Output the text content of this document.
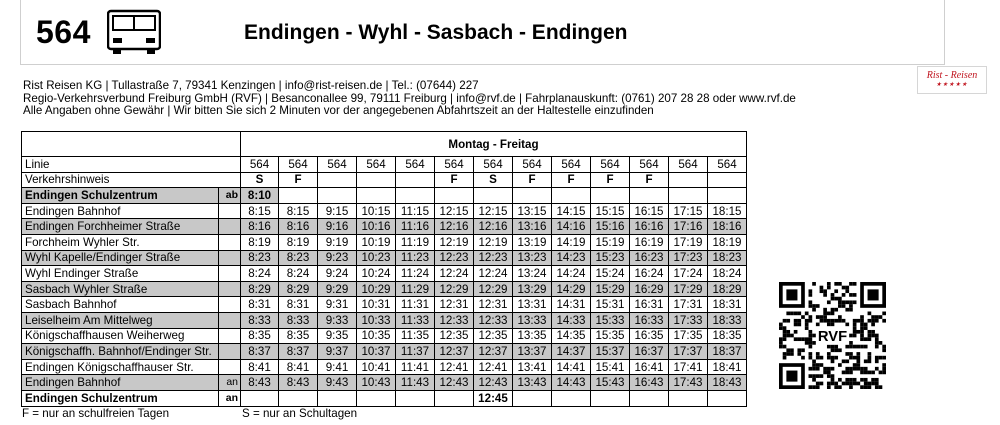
564	Endingen - Wyhl - Sasbach - Endingen
Rist - Reisen
★★★★★
Rist Reisen KG | Tullastraße 7, 79341 Kenzingen | info@rist-reisen.de | Tel.: (07644) 227
Regio-Verkehrsverbund Freiburg GmbH (RVF) | Besanconallee 99, 79111 Freiburg | info@rvf.de | Fahrplanauskunft: (0761) 207 28 28 oder www.rvf.de
Alle Angaben ohne Gewähr | Wir bitten Sie sich 2 Minuten vor der angegebenen Abfahrtszeit an der Haltestelle einzufinden
		Montag - Freitag												
Linie		564	564	564	564	564	564	564	564	564	564	564	564	564
Verkehrshinweis		S	F				F	S	F	F	F	F		
Endingen Schulzentrum	ab	8:10												
Endingen Bahnhof		8:15	8:15	9:15	10:15	11:15	12:15	12:15	13:15	14:15	15:15	16:15	17:15	18:15
Endingen Forchheimer Straße		8:16	8:16	9:16	10:16	11:16	12:16	12:16	13:16	14:16	15:16	16:16	17:16	18:16
Forchheim Wyhler Str.		8:19	8:19	9:19	10:19	11:19	12:19	12:19	13:19	14:19	15:19	16:19	17:19	18:19
Wyhl Kapelle/Endinger Straße		8:23	8:23	9:23	10:23	11:23	12:23	12:23	13:23	14:23	15:23	16:23	17:23	18:23
Wyhl Endinger Straße		8:24	8:24	9:24	10:24	11:24	12:24	12:24	13:24	14:24	15:24	16:24	17:24	18:24
Sasbach Wyhler Straße		8:29	8:29	9:29	10:29	11:29	12:29	12:29	13:29	14:29	15:29	16:29	17:29	18:29
Sasbach Bahnhof		8:31	8:31	9:31	10:31	11:31	12:31	12:31	13:31	14:31	15:31	16:31	17:31	18:31
Leiselheim Am Mittelweg		8:33	8:33	9:33	10:33	11:33	12:33	12:33	13:33	14:33	15:33	16:33	17:33	18:33
Königschaffhausen Weiherweg		8:35	8:35	9:35	10:35	11:35	12:35	12:35	13:35	14:35	15:35	16:35	17:35	18:35
Königschaffh. Bahnhof/Endinger Str.		8:37	8:37	9:37	10:37	11:37	12:37	12:37	13:37	14:37	15:37	16:37	17:37	18:37
Endingen Königschaffhauser Str.		8:41	8:41	9:41	10:41	11:41	12:41	12:41	13:41	14:41	15:41	16:41	17:41	18:41
Endingen Bahnhof	an	8:43	8:43	9:43	10:43	11:43	12:43	12:43	13:43	14:43	15:43	16:43	17:43	18:43
Endingen Schulzentrum	an							12:45						
RVF
F = nur an schulfreien Tagen	S = nur an Schultagen
